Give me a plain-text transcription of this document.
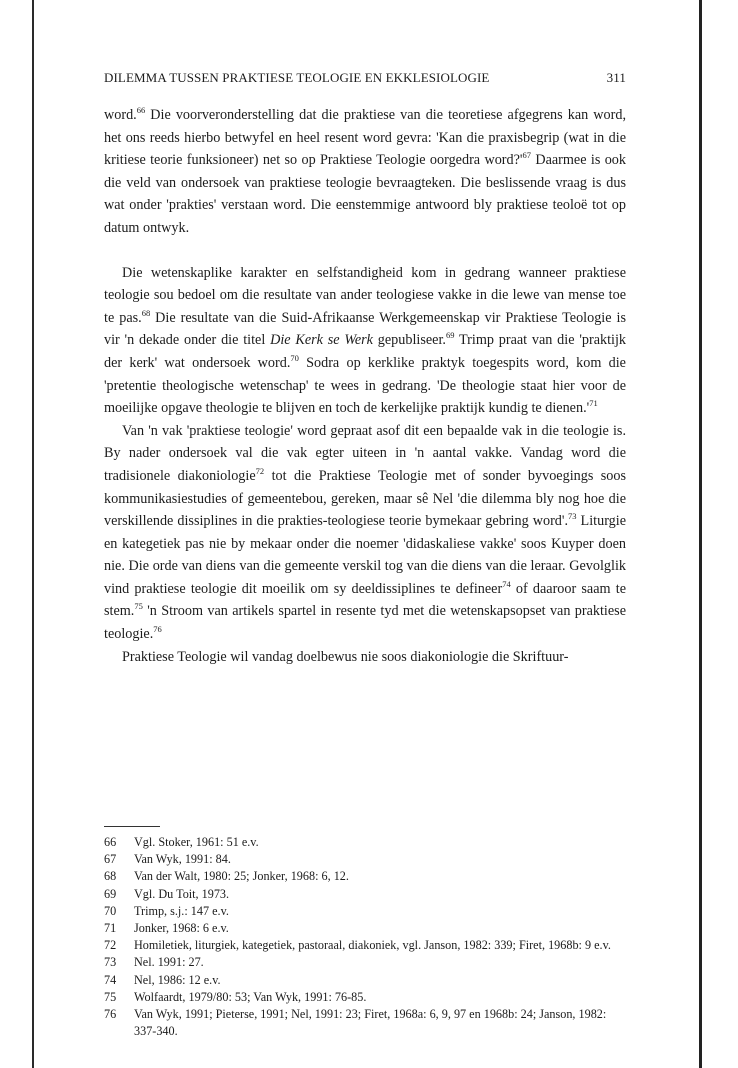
DILEMMA TUSSEN PRAKTIESE TEOLOGIE EN EKKLESIOLOGIE	311

word.$^{66}$ Die voorveronderstelling dat die praktiese van die teoretiese afgegrens kan word, het ons reeds hierbo betwyfel en heel resent word gevra: 'Kan die praxisbegrip (wat in die kritiese teorie funksioneer) net so op Praktiese Teologie oorgedra $word?'^{67}$ Daarmee is ook die veld van ondersoek van praktiese teologie bevraagteken. Die beslissende vraag is dus wat onder 'prakties' verstaan word. Die eenstemmige antwoord bly praktiese teoloë tot op datum ontwyk.

Die wetenskaplike karakter en selfstandigheid kom in gedrang wanneer praktiese teologie sou bedoel om die resultate van ander teologiese vakke in die lewe van mense toe te pas.$^{68}$ Die resultate van die Suid-Afrikaanse Werkgemeenskap vir Praktiese Teologie is vir 'n dekade onder die titel Die Kerk se Werk gepubliseer.$^{69}$ Trimp praat van die 'praktijk der kerk' wat ondersoek word.$^{70}$ Sodra op kerklike praktyk toegespits word, kom die 'pretentie theologische wetenschap' te wees in gedrang. 'De theologie staat hier voor de moeilijke opgave theologie te blijven en toch de kerkelijke praktijk kundig te $dienen.'^{71}$

Van 'n vak 'praktiese teologie' word gepraat asof dit een bepaalde vak in die teologie is. By nader ondersoek val die vak egter uiteen in 'n aantal vakke. Vandag word die tradisionele diakoniologie$^{72}$ tot die Praktiese Teologie met of sonder byvoegings soos kommunikasiestudies of gemeentebou, gereken, maar sê Nel 'die dilemma bly nog hoe die verskillende dissiplines in die prakties-teologiese teorie bymekaar gebring word'.$^{73}$ Liturgie en kategetiek pas nie by mekaar onder die noemer 'didaskaliese vakke' soos Kuyper doen nie. Die orde van diens van die gemeente verskil tog van die diens van die leraar. Gevolglik vind praktiese teologie dit moeilik om sy deeldissiplines te defineer$^{74}$ of daaroor saam te stem.$^{75}$ 'n Stroom van artikels spartel in resente tyd met die wetenskapsopset van praktiese teologie.$^{76}$

Praktiese Teologie wil vandag doelbewus nie soos diakoniologie die Skriftuur-

66	Vgl. Stoker, 1961: 51 e.v.
67	Van Wyk, 1991: 84.
68	Van der Walt, 1980: 25; Jonker, 1968: 6, 12.
69	Vgl. Du Toit, 1973.
70	Trimp, s.j.: 147 e.v.
71	Jonker, 1968: 6 e.v.
72	Homiletiek, liturgiek, kategetiek, pastoraal, diakoniek, vgl. Janson, 1982: 339; Firet, 1968b: 9 e.v.
73	Nel. 1991: 27.
74	Nel, 1986: 12 e.v.
75	Wolfaardt, 1979/80: 53; Van Wyk, 1991: 76-85.
76	Van Wyk, 1991; Pieterse, 1991; Nel, 1991: 23; Firet, 1968a: 6, 9, 97 en 1968b: 24; Janson, 1982: 337-340.
